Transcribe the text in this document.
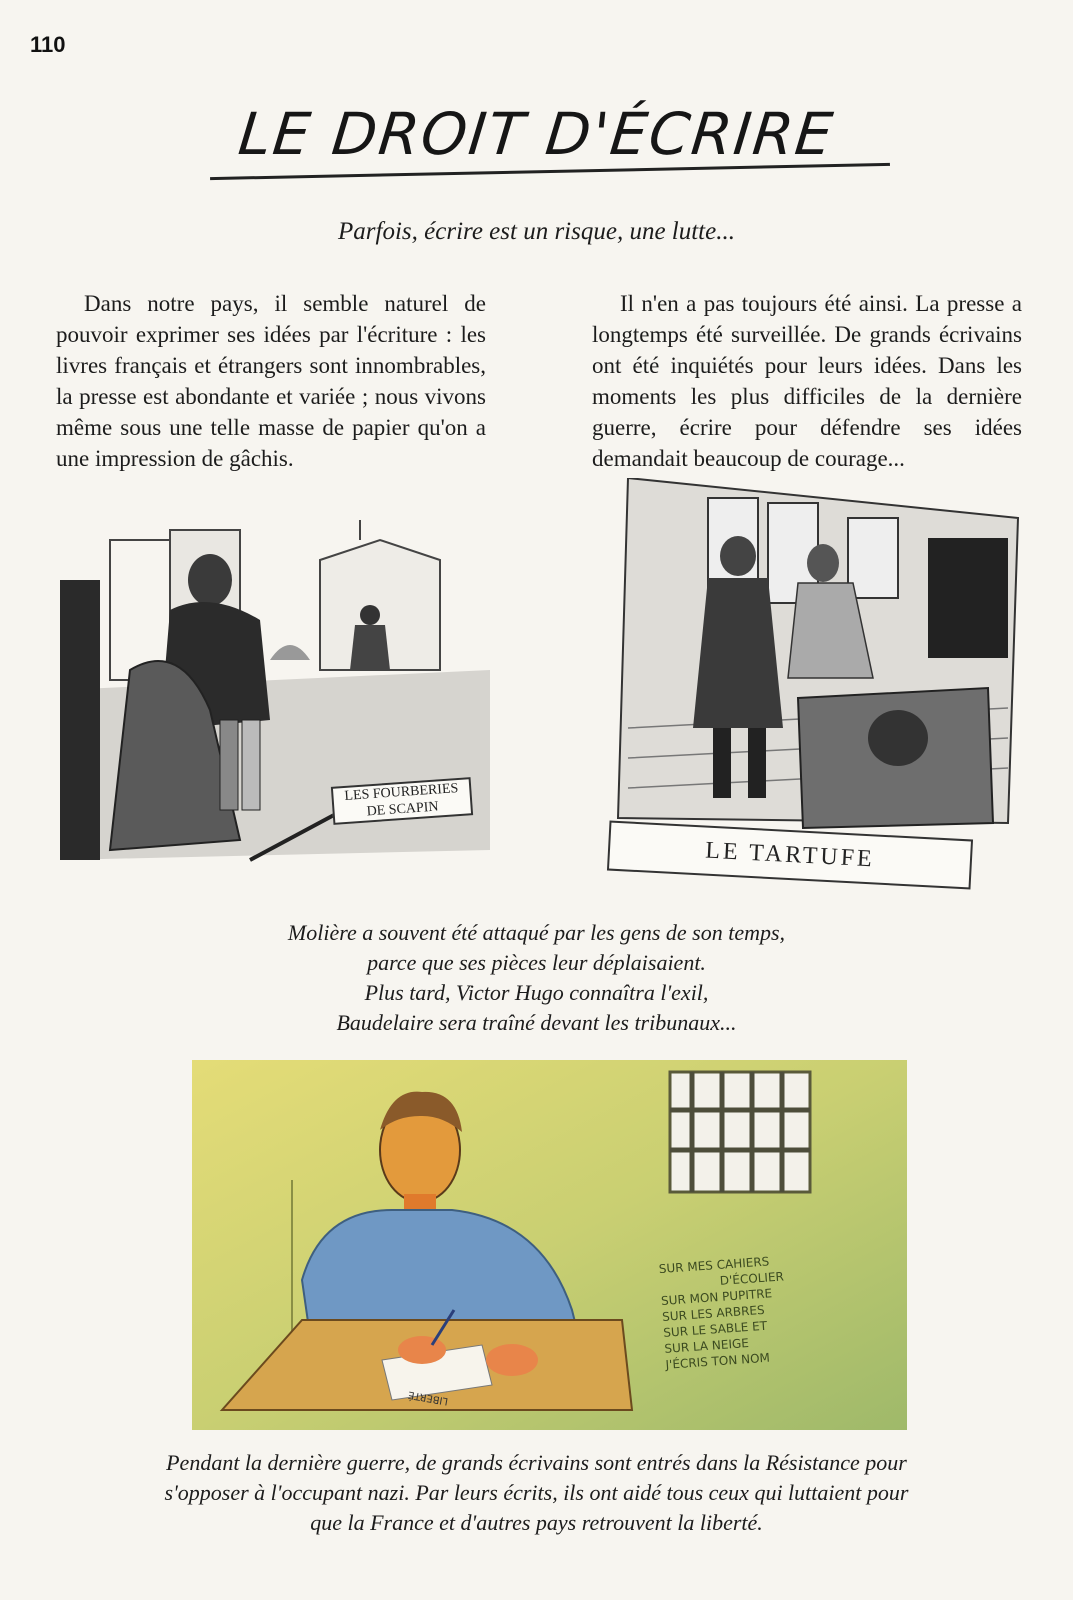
110
LE DROIT D'ÉCRIRE
Parfois, écrire est un risque, une lutte...

Dans notre pays, il semble naturel de pouvoir exprimer ses idées par l'écriture : les livres français et étrangers sont innombrables, la presse est abondante et variée ; nous vivons même sous une telle masse de papier qu'on a une impression de gâchis.

Il n'en a pas toujours été ainsi. La presse a longtemps été surveillée. De grands écrivains ont été inquiétés pour leurs idées. Dans les moments les plus difficiles de la dernière guerre, écrire pour défendre ses idées demandait beaucoup de courage...

LES FOURBERIES
DE SCAPIN
LE TARTUFE
Molière a souvent été attaqué par les gens de son temps,
parce que ses pièces leur déplaisaient.
Plus tard, Victor Hugo connaîtra l'exil,
Baudelaire sera traîné devant les tribunaux...
LIBERTÉ
SUR MES CAHIERS
D'ÉCOLIER
SUR MON PUPITRE
SUR LES ARBRES
SUR LE SABLE ET
SUR LA NEIGE
J'ÉCRIS TON NOM
Pendant la dernière guerre, de grands écrivains sont entrés dans la Résistance pour
s'opposer à l'occupant nazi. Par leurs écrits, ils ont aidé tous ceux qui luttaient pour
que la France et d'autres pays retrouvent la liberté.
